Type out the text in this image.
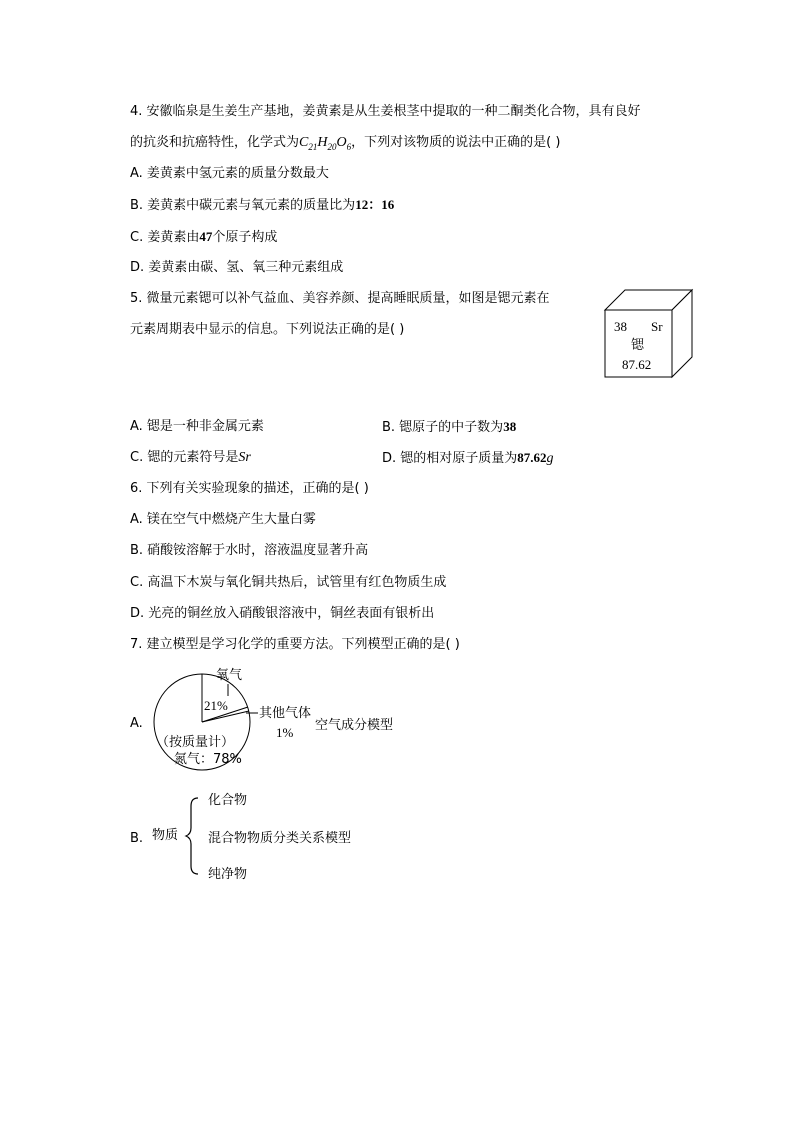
4. 安徽临泉是生姜生产基地，姜黄素是从生姜根茎中提取的一种二酮类化合物，具有良好
的抗炎和抗癌特性，化学式为$C_{21}H_{20}O_6$，下列对该物质的说法中正确的是( )
A. 姜黄素中氢元素的质量分数最大
B. 姜黄素中碳元素与氧元素的质量比为12：16
C. 姜黄素由47个原子构成
D. 姜黄素由碳、氢、氧三种元素组成
5. 微量元素锶可以补气益血、美容养颜、提高睡眠质量，如图是锶元素在
元素周期表中显示的信息。下列说法正确的是( )	38 Sr
锶
87.62
A. 锶是一种非金属元素	B. 锶原子的中子数为38
C. 锶的元素符号是Sr	D. 锶的相对原子质量为87.62g
6. 下列有关实验现象的描述，正确的是( )
A. 镁在空气中燃烧产生大量白雾
B. 硝酸铵溶解于水时，溶液温度显著升高
C. 高温下木炭与氧化铜共热后，试管里有红色物质生成
D. 光亮的铜丝放入硝酸银溶液中，铜丝表面有银析出
7. 建立模型是学习化学的重要方法。下列模型正确的是( )
A.
氧气
21%
其他气体
1% 空气成分模型
（按质量计）
氮气：78%
B. 物质
化合物
混合物物质分类关系模型
纯净物
